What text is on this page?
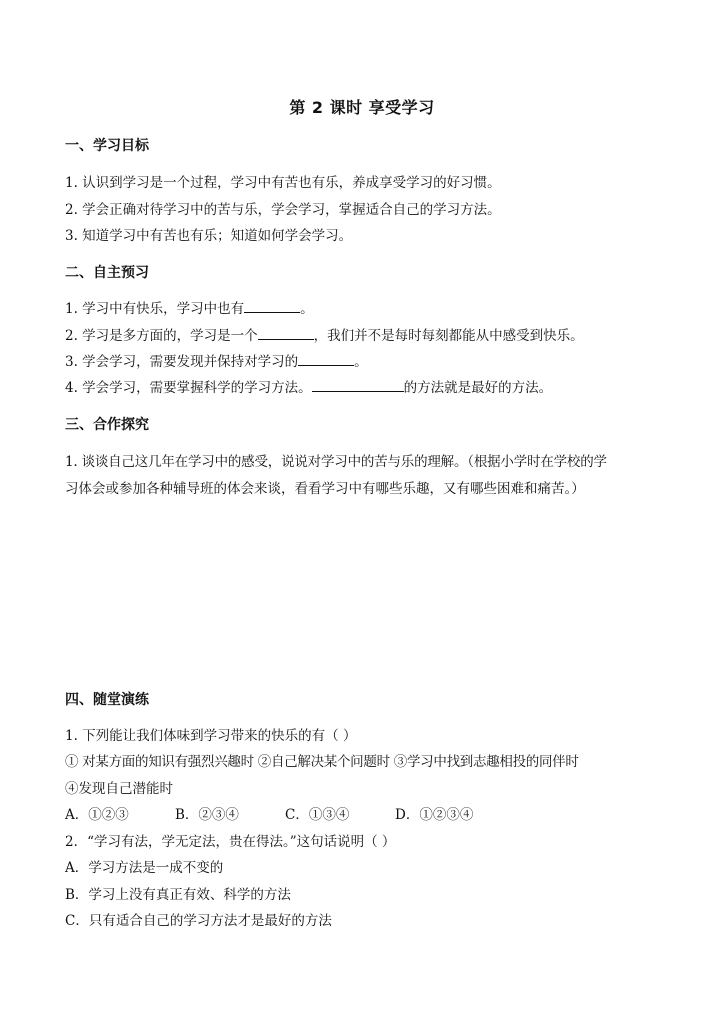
第 2 课时 享受学习
一、学习目标
1. 认识到学习是一个过程，学习中有苦也有乐，养成享受学习的好习惯。
2. 学会正确对待学习中的苦与乐，学会学习，掌握适合自己的学习方法。
3. 知道学习中有苦也有乐；知道如何学会学习。
二、自主预习
1. 学习中有快乐，学习中也有	。
2. 学习是多方面的，学习是一个	，我们并不是每时每刻都能从中感受到快乐。
3. 学会学习，需要发现并保持对学习的	。
4. 学会学习，需要掌握科学的学习方法。	的方法就是最好的方法。
三、合作探究
1. 谈谈自己这几年在学习中的感受，说说对学习中的苦与乐的理解。（根据小学时在学校的学
习体会或参加各种辅导班的体会来谈，看看学习中有哪些乐趣，又有哪些困难和痛苦。）
四、随堂演练
1. 下列能让我们体味到学习带来的快乐的有（ ）
① 对某方面的知识有强烈兴趣时 ②自己解决某个问题时 ③学习中找到志趣相投的同伴时
④发现自己潜能时
A．①②③	B．②③④	C．①③④	D．①②③④
2．“学习有法，学无定法，贵在得法。”这句话说明（ ）
A．学习方法是一成不变的
B．学习上没有真正有效、科学的方法
C．只有适合自己的学习方法才是最好的方法
